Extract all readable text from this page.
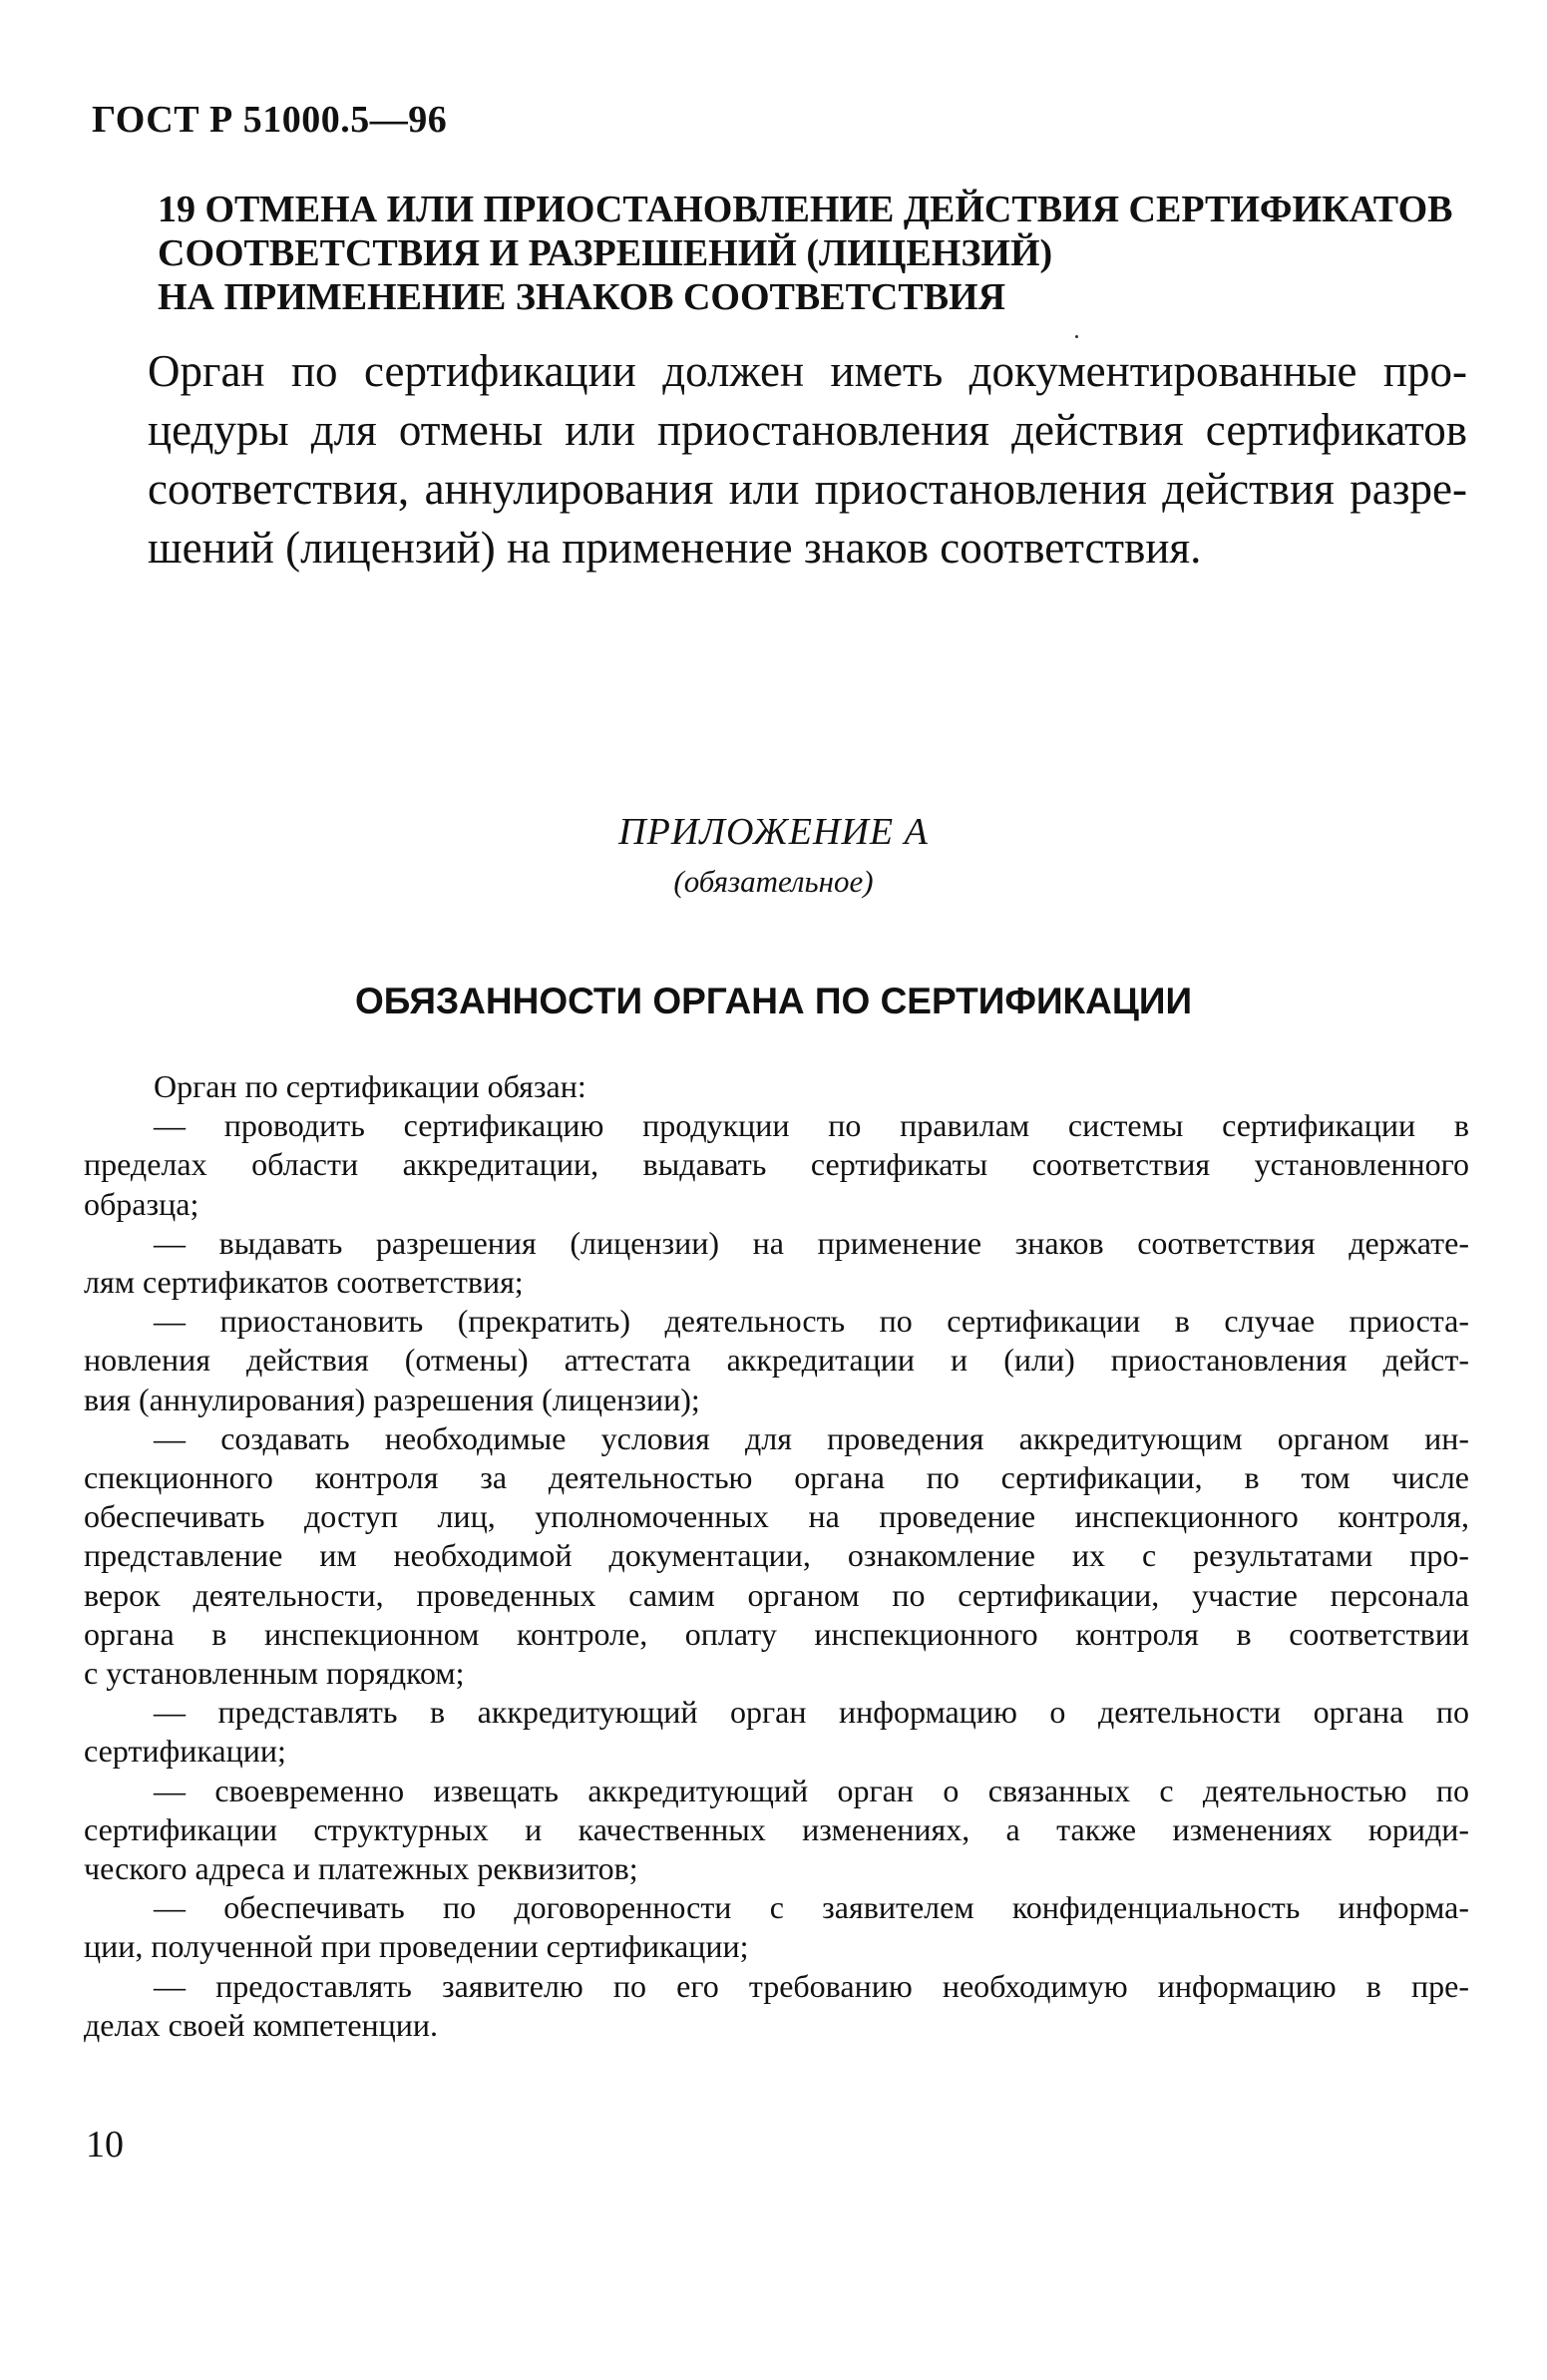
ГОСТ Р 51000.5—96
19 ОТМЕНА ИЛИ ПРИОСТАНОВЛЕНИЕ ДЕЙСТВИЯ СЕРТИФИКАТОВ
СООТВЕТСТВИЯ И РАЗРЕШЕНИЙ (ЛИЦЕНЗИЙ)
НА ПРИМЕНЕНИЕ ЗНАКОВ СООТВЕТСТВИЯ

Орган по сертификации должен иметь документированные про-
цедуры для отмены или приостановления действия сертификатов
соответствия, аннулирования или приостановления действия разре-
шений (лицензий) на применение знаков соответствия.

ПРИЛОЖЕНИЕ А
(обязательное)
ОБЯЗАННОСТИ ОРГАНА ПО СЕРТИФИКАЦИИ
Орган по сертификации обязан:
— проводить сертификацию продукции по правилам системы сертификации в
пределах области аккредитации, выдавать сертификаты соответствия установленного
образца;
— выдавать разрешения (лицензии) на применение знаков соответствия держате-
лям сертификатов соответствия;
— приостановить (прекратить) деятельность по сертификации в случае приоста-
новления действия (отмены) аттестата аккредитации и (или) приостановления дейст-
вия (аннулирования) разрешения (лицензии);
— создавать необходимые условия для проведения аккредитующим органом ин-
спекционного контроля за деятельностью органа по сертификации, в том числе
обеспечивать доступ лиц, уполномоченных на проведение инспекционного контроля,
представление им необходимой документации, ознакомление их с результатами про-
верок деятельности, проведенных самим органом по сертификации, участие персонала
органа в инспекционном контроле, оплату инспекционного контроля в соответствии
с установленным порядком;
— представлять в аккредитующий орган информацию о деятельности органа по
сертификации;
— своевременно извещать аккредитующий орган о связанных с деятельностью по
сертификации структурных и качественных изменениях, а также изменениях юриди-
ческого адреса и платежных реквизитов;
— обеспечивать по договоренности с заявителем конфиденциальность информа-
ции, полученной при проведении сертификации;
— предоставлять заявителю по его требованию необходимую информацию в пре-
делах своей компетенции.
10
